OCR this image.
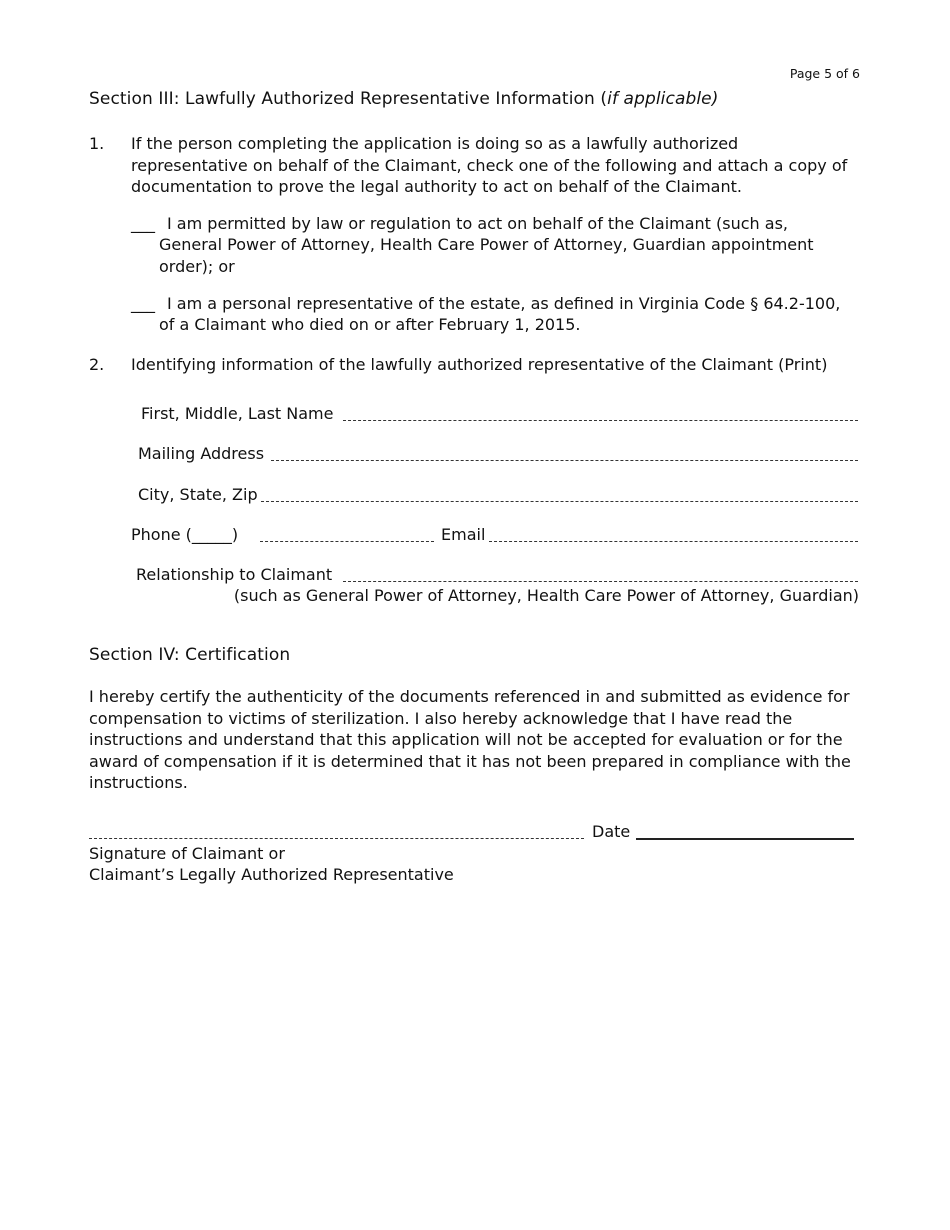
Page 5 of 6
Section III: Lawfully Authorized Representative Information (if applicable)
1. If the person completing the application is doing so as a lawfully authorized
representative on behalf of the Claimant, check one of the following and attach a copy of
documentation to prove the legal authority to act on behalf of the Claimant.
___ I am permitted by law or regulation to act on behalf of the Claimant (such as,
General Power of Attorney, Health Care Power of Attorney, Guardian appointment
order); or
___ I am a personal representative of the estate, as defined in Virginia Code § 64.2-100,
of a Claimant who died on or after February 1, 2015.
2. Identifying information of the lawfully authorized representative of the Claimant (Print)
First, Middle, Last Name
Mailing Address
City, State, Zip
Phone (_____)	Email
Relationship to Claimant
(such as General Power of Attorney, Health Care Power of Attorney, Guardian)
Section IV: Certification
I hereby certify the authenticity of the documents referenced in and submitted as evidence for
compensation to victims of sterilization. I also hereby acknowledge that I have read the
instructions and understand that this application will not be accepted for evaluation or for the
award of compensation if it is determined that it has not been prepared in compliance with the
instructions.
Date
Signature of Claimant or
Claimant’s Legally Authorized Representative
